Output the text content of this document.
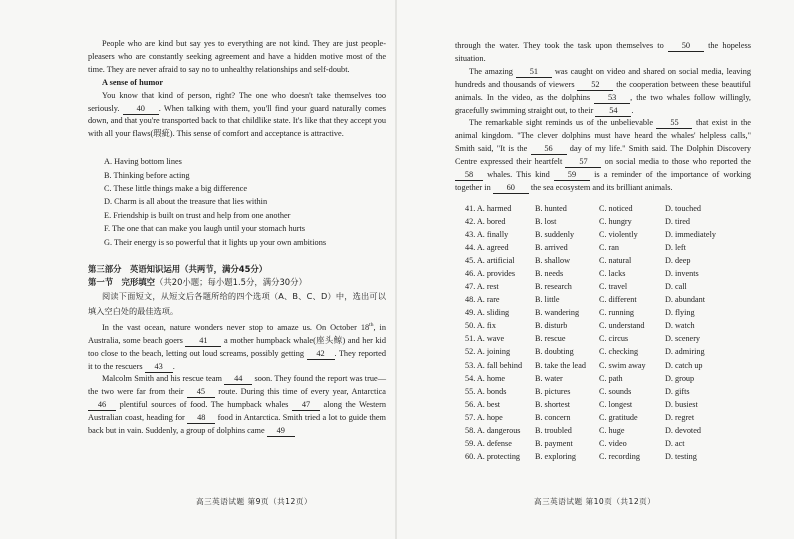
People who are kind but say yes to everything are not kind. They are just people-pleasers who are constantly seeking agreement and have a hidden motive most of the time. They are never afraid to say no to unhealthy relationships and self-doubt.

A sense of humor

You know that kind of person, right? The one who doesn't take themselves too seriously. 40 . When talking with them, you'll find your guard naturally comes down, and that you're transported back to that childlike state. It's like that they accept you with all your flaws(瑕疵). This sense of comfort and acceptance is attractive.

A. Having bottom lines
B. Thinking before acting
C. These little things make a big difference
D. Charm is all about the treasure that lies within
E. Friendship is built on trust and help from one another
F. The one that can make you laugh until your stomach hurts
G. Their energy is so powerful that it lights up your own ambitions
第三部分　英语知识运用（共两节，满分45分）
第一节　完形填空（共20小题；每小题1.5分，满分30分）

阅读下面短文，从短文后各题所给的四个选项（A、B、C、D）中，选出可以填入空白处的最佳选项。

In the vast ocean, nature wonders never stop to amaze us. On October 18th, in Australia, some beach goers 41 a mother humpback whale(座头鲸) and her kid too close to the beach, letting out loud screams, possibly getting 42 . They reported it to the rescuers 43 .

Malcolm Smith and his rescue team 44 soon. They found the report was true—the two were far from their 45 route. During this time of every year, Antarctica 46 plentiful sources of food. The humpback whales 47 along the Western Australian coast, heading for 48 food in Antarctica. Smith tried a lot to guide them back but in vain. Suddenly, a group of dolphins came 49

高三英语试题 第9页（共12页）

through the water. They took the task upon themselves to 50 the hopeless situation.

The amazing 51 was caught on video and shared on social media, leaving hundreds and thousands of viewers 52 the cooperation between these beautiful animals. In the video, as the dolphins 53 , the two whales follow willingly, gracefully swimming straight out, to their 54 .

The remarkable sight reminds us of the unbelievable 55 that exist in the animal kingdom. "The clever dolphins must have heard the whales' helpless calls," Smith said, "It is the 56 day of my life." Smith said. The Dolphin Discovery Centre expressed their heartfelt 57 on social media to those who reported the 58 whales. This kind 59 is a reminder of the importance of working together in 60 the sea ecosystem and its brilliant animals.

41. A. harmed	B. hunted	C. noticed	D. touched
42. A. bored	B. lost	C. hungry	D. tired
43. A. finally	B. suddenly	C. violently	D. immediately
44. A. agreed	B. arrived	C. ran	D. left
45. A. artificial	B. shallow	C. natural	D. deep
46. A. provides	B. needs	C. lacks	D. invents
47. A. rest	B. research	C. travel	D. call
48. A. rare	B. little	C. different	D. abundant
49. A. sliding	B. wandering	C. running	D. flying
50. A. fix	B. disturb	C. understand	D. watch
51. A. wave	B. rescue	C. circus	D. scenery
52. A. joining	B. doubting	C. checking	D. admiring
53. A. fall behind	B. take the lead	C. swim away	D. catch up
54. A. home	B. water	C. path	D. group
55. A. bonds	B. pictures	C. sounds	D. gifts
56. A. best	B. shortest	C. longest	D. busiest
57. A. hope	B. concern	C. gratitude	D. regret
58. A. dangerous	B. troubled	C. huge	D. devoted
59. A. defense	B. payment	C. video	D. act
60. A. protecting	B. exploring	C. recording	D. testing
高三英语试题 第10页（共12页）
